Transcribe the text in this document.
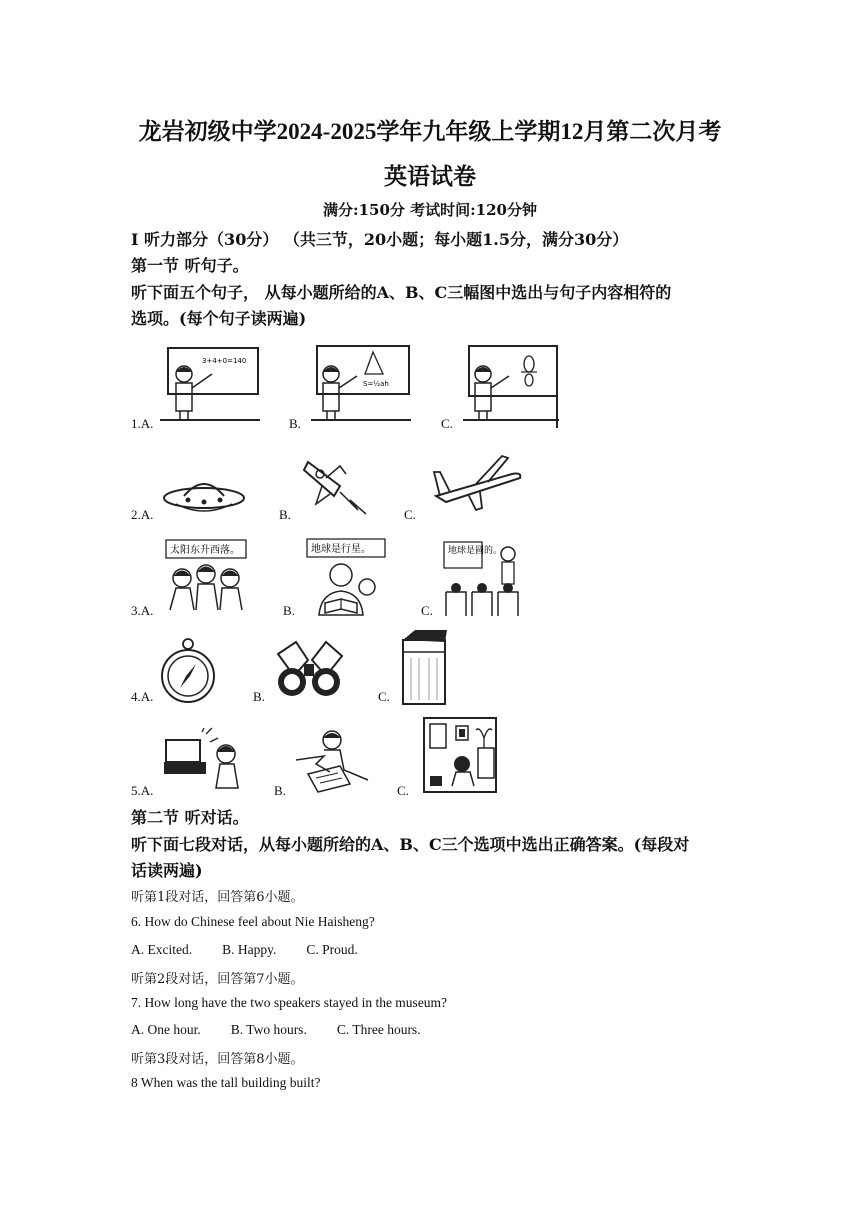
龙岩初级中学2024-2025学年九年级上学期12月第二次月考
英语试卷
满分:150分 考试时间:120分钟
Ⅰ 听力部分（30分） （共三节，20小题；每小题1.5分，满分30分）
第一节 听句子。
听下面五个句子， 从每小题所给的A、B、C三幅图中选出与句子内容相符的
选项。(每个句子读两遍)
1.A.	B.	C.
3+4+0=140
S=½ah
2.A.	B.	C.
3.A.	B.	C.
太阳东升西落。	地球是行星。	地球是圆的。
4.A.	B.	C.
5.A.	B.	C.
第二节 听对话。
听下面七段对话，从每小题所给的A、B、C三个选项中选出正确答案。(每段对
话读两遍)
听第1段对话，回答第6小题。
6. How do Chinese feel about Nie Haisheng?
A. Excited. B. Happy. C. Proud.
听第2段对话，回答第7小题。
7. How long have the two speakers stayed in the museum?
A. One hour. B. Two hours. C. Three hours.
听第3段对话，回答第8小题。
8 When was the tall building built?
